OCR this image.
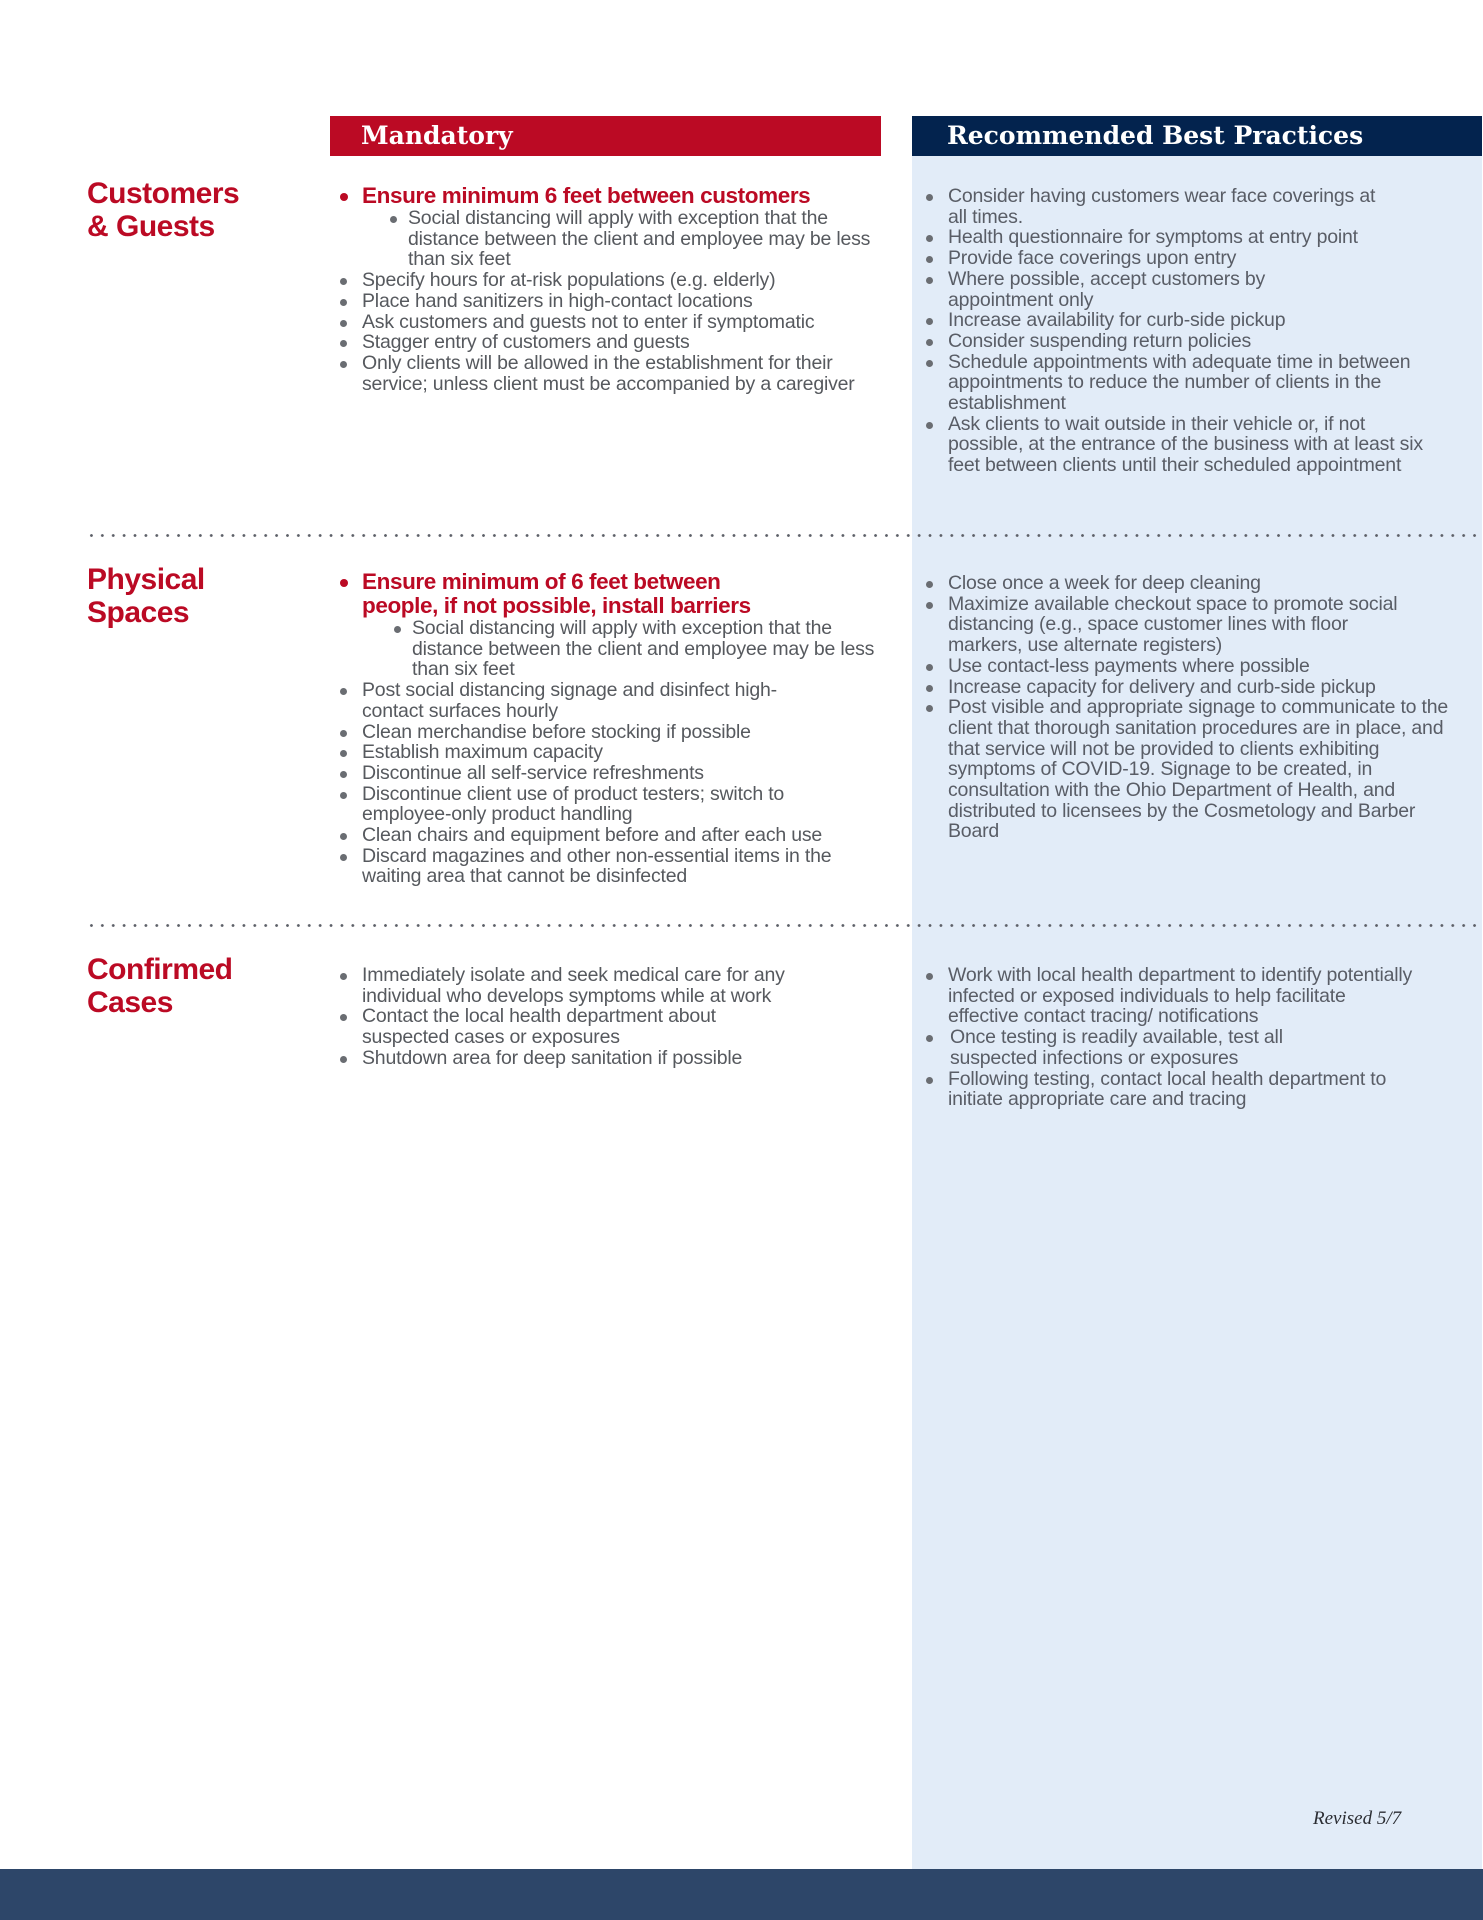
Mandatory	Recommended Best Practices
Customers
& Guests
Ensure minimum 6 feet between customers
Social distancing will apply with exception that the distance between the client and employee may be less than six feet
Specify hours for at-risk populations (e.g. elderly)
Place hand sanitizers in high-contact locations
Ask customers and guests not to enter if symptomatic
Stagger entry of customers and guests
Only clients will be allowed in the establishment for their service; unless client must be accompanied by a caregiver
Consider having customers wear face coverings at all times.
Health questionnaire for symptoms at entry point
Provide face coverings upon entry
Where possible, accept customers by appointment only
Increase availability for curb-side pickup
Consider suspending return policies
Schedule appointments with adequate time in between appointments to reduce the number of clients in the establishment
Ask clients to wait outside in their vehicle or, if not possible, at the entrance of the business with at least six feet between clients until their scheduled appointment
Physical
Spaces
Ensure minimum of 6 feet between people, if not possible, install barriers
Social distancing will apply with exception that the distance between the client and employee may be less than six feet
Post social distancing signage and disinfect high-contact surfaces hourly
Clean merchandise before stocking if possible
Establish maximum capacity
Discontinue all self-service refreshments
Discontinue client use of product testers; switch to employee-only product handling
Clean chairs and equipment before and after each use
Discard magazines and other non-essential items in the waiting area that cannot be disinfected
Close once a week for deep cleaning
Maximize available checkout space to promote social distancing (e.g., space customer lines with floor markers, use alternate registers)
Use contact-less payments where possible
Increase capacity for delivery and curb-side pickup
Post visible and appropriate signage to communicate to the client that thorough sanitation procedures are in place, and that service will not be provided to clients exhibiting symptoms of COVID-19. Signage to be created, in consultation with the Ohio Department of Health, and distributed to licensees by the Cosmetology and Barber Board
Confirmed
Cases
Immediately isolate and seek medical care for any individual who develops symptoms while at work
Contact the local health department about suspected cases or exposures
Shutdown area for deep sanitation if possible
Work with local health department to identify potentially infected or exposed individuals to help facilitate effective contact tracing/ notifications
Once testing is readily available, test all suspected infections or exposures
Following testing, contact local health department to initiate appropriate care and tracing
Revised 5/7
